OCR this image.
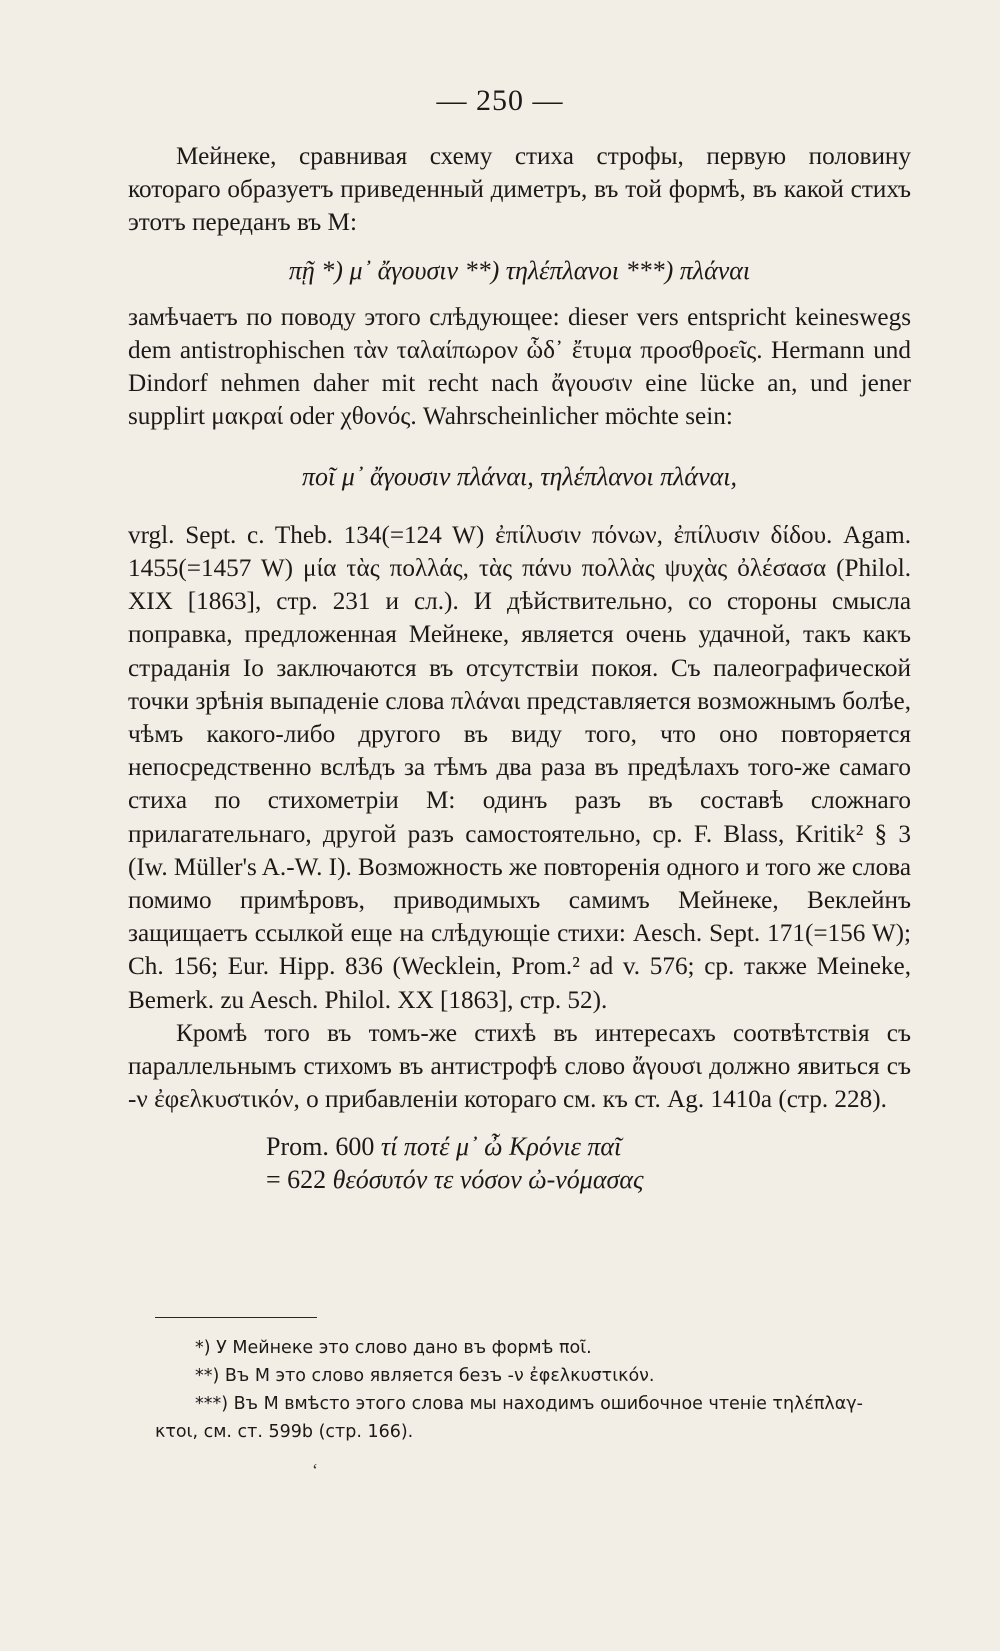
— 250 —

Мейнеке, сравнивая схему стиха строфы, первую половину котораго образуетъ приведенный диметръ, въ той формѣ, въ какой стихъ этотъ переданъ въ М:

πῇ *) μ᾽ ἄγουσιν **) τηλέπλανοι ***) πλάναι

замѣчаетъ по поводу этого слѣдующее: dieser vers entspricht keineswegs dem antistrophischen τὰν ταλαίπωρον ὧδ᾽ ἔτυμα προσθροεῖς. Hermann und Dindorf nehmen daher mit recht nach ἄγουσιν eine lücke an, und jener supplirt μακραί oder χθονός. Wahrscheinlicher möchte sein:

ποῖ μ᾽ ἄγουσιν πλάναι, τηλέπλανοι πλάναι,

vrgl. Sept. c. Theb. 134(=124 W) ἐπίλυσιν πόνων, ἐπίλυσιν δίδου. Agam. 1455(=1457 W) μία τὰς πολλάς, τὰς πάνυ πολλὰς ψυχὰς ὀλέσασα (Philol. XIX [1863], стр. 231 и сл.). И дѣйствительно, со стороны смысла поправка, предложенная Мейнеке, является очень удачной, такъ какъ страданія Іо заключаются въ отсутствіи покоя. Съ палеографической точки зрѣнія выпаденіе слова πλάναι представляется возможнымъ болѣе, чѣмъ какого-либо другого въ виду того, что оно повторяется непосредственно вслѣдъ за тѣмъ два раза въ предѣлахъ того-же самаго стиха по стихометріи М: одинъ разъ въ составѣ сложнаго прилагательнаго, другой разъ самостоятельно, ср. F. Blass, Kritik² § 3 (Iw. Müller's A.-W. I). Возможность же повторенія одного и того же слова помимо примѣровъ, приводимыхъ самимъ Мейнеке, Веклейнъ защищаетъ ссылкой еще на слѣдующіе стихи: Aesch. Sept. 171(=156 W); Ch. 156; Eur. Hipp. 836 (Wecklein, Prom.² ad v. 576; cp. также Meineke, Bemerk. zu Aesch. Philol. XX [1863], стр. 52).

Кромѣ того въ томъ-же стихѣ въ интересахъ соотвѣтствія съ параллельнымъ стихомъ въ антистрофѣ слово ἄγουσι должно явиться съ -ν ἐφελκυστικόν, о прибавленіи котораго см. къ ст. Ag. 1410a (стр. 228).

Prom. 600 τί ποτέ μ᾽ ὦ Κρόνιε παῖ
= 622 θεόσυτόν τε νόσον ὠ-νόμασας

*) У Мейнеке это слово дано въ формѣ ποῖ.

**) Въ М это слово является безъ -ν ἐφελκυστικόν.

***) Въ М вмѣсто этого слова мы находимъ ошибочное чтеніе τηλέπλαγ-

κτοι, см. ст. 599b (стр. 166).

ʻ
